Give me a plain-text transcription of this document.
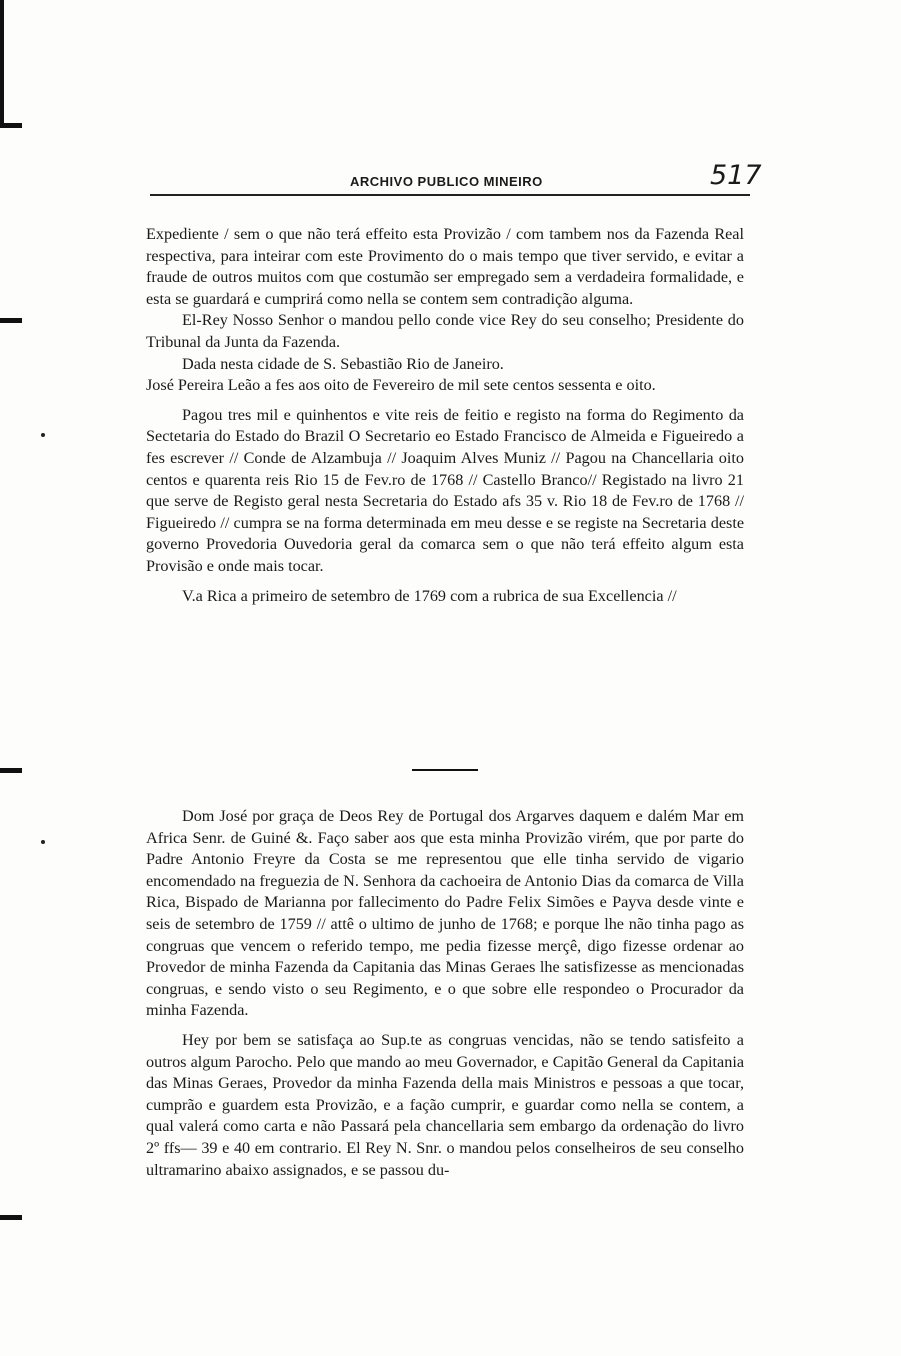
ARCHIVO PUBLICO MINEIRO	517

Expediente / sem o que não terá effeito esta Provizão / com tambem nos da Fazenda Real respectiva, para inteirar com este Provimento do o mais tempo que tiver servido, e evitar a fraude de outros muitos com que costumão ser empregado sem a verdadeira formalidade, e esta se guardará e cumprirá como nella se contem sem contradição alguma.

El-Rey Nosso Senhor o mandou pello conde vice Rey do seu conselho; Presidente do Tribunal da Junta da Fazenda.

Dada nesta cidade de S. Sebastião Rio de Janeiro.

José Pereira Leão a fes aos oito de Fevereiro de mil sete centos sessenta e oito.

Pagou tres mil e quinhentos e vite reis de feitio e registo na forma do Regimento da Sectetaria do Estado do Brazil O Secretario eo Estado Francisco de Almeida e Figueiredo a fes escrever // Conde de Alzambuja // Joaquim Alves Muniz // Pagou na Chancellaria oito centos e quarenta reis Rio 15 de Fev.ro de 1768 // Castello Branco// Registado na livro 21 que serve de Registo geral nesta Secretaria do Estado afs 35 v. Rio 18 de Fev.ro de 1768 // Figueiredo // cumpra se na forma determinada em meu desse e se registe na Secretaria deste governo Provedoria Ouvedoria geral da comarca sem o que não terá effeito algum esta Provisão e onde mais tocar.

V.a Rica a primeiro de setembro de 1769 com a rubrica de sua Excellencia //

Dom José por graça de Deos Rey de Portugal dos Argarves daquem e dalém Mar em Africa Senr. de Guiné &. Faço saber aos que esta minha Provizão virém, que por parte do Padre Antonio Freyre da Costa se me representou que elle tinha servido de vigario encomendado na freguezia de N. Senhora da cachoeira de Antonio Dias da comarca de Villa Rica, Bispado de Marianna por fallecimento do Padre Felix Simões e Payva desde vinte e seis de setembro de 1759 // attê o ultimo de junho de 1768; e porque lhe não tinha pago as congruas que vencem o referido tempo, me pedia fizesse merçê, digo fizesse ordenar ao Provedor de minha Fazenda da Capitania das Minas Geraes lhe satisfizesse as mencionadas congruas, e sendo visto o seu Regimento, e o que sobre elle respondeo o Procurador da minha Fazenda.

Hey por bem se satisfaça ao Sup.te as congruas vencidas, não se tendo satisfeito a outros algum Parocho. Pelo que mando ao meu Governador, e Capitão General da Capitania das Minas Geraes, Provedor da minha Fazenda della mais Ministros e pessoas a que tocar, cumprão e guardem esta Provizão, e a fação cumprir, e guardar como nella se contem, a qual valerá como carta e não Passará pela chancellaria sem embargo da ordenação do livro 2º ffs— 39 e 40 em contrario. El Rey N. Snr. o mandou pelos conselheiros de seu conselho ultramarino abaixo assignados, e se passou du-
